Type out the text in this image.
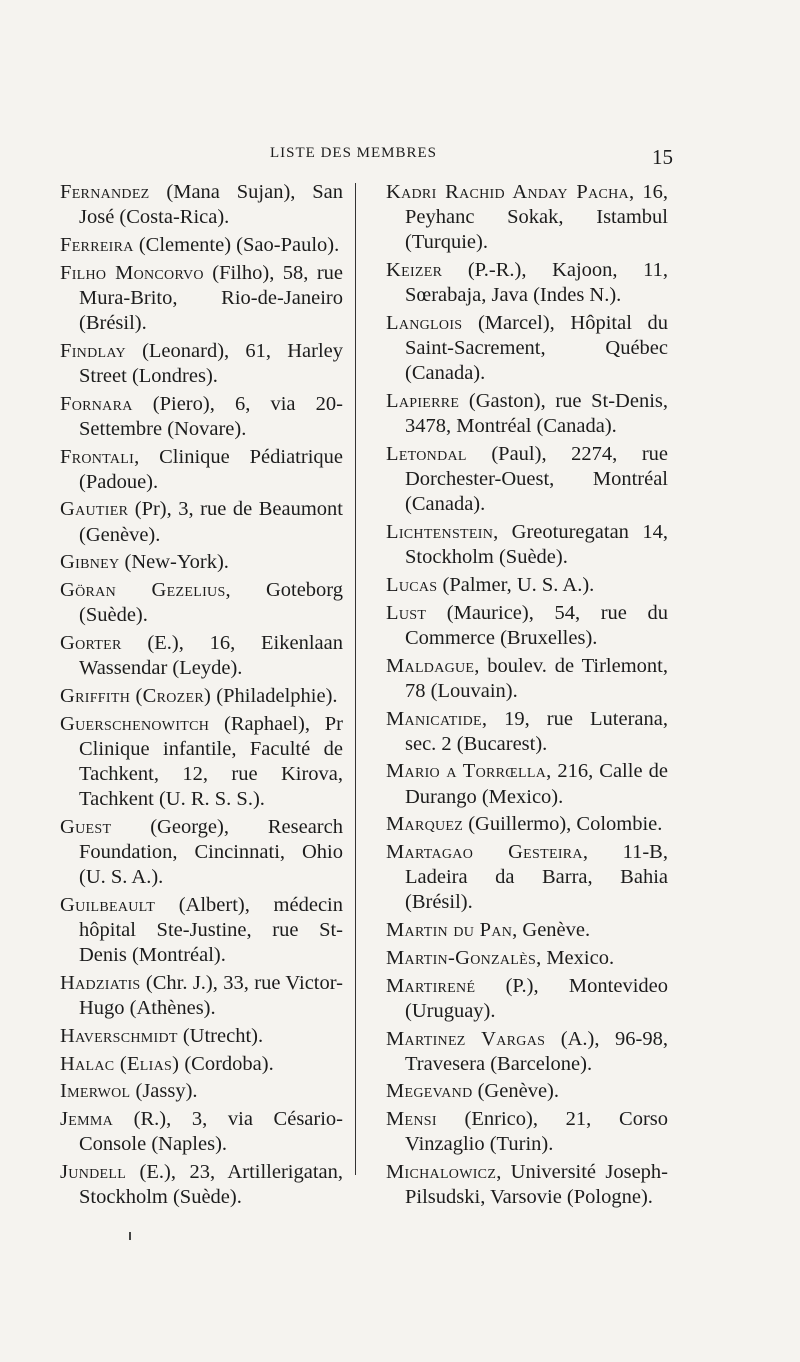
LISTE DES MEMBRES	15

Fernandez (Mana Sujan), San José (Costa-Rica).

Ferreira (Clemente) (Sao-Paulo).

Filho Moncorvo (Filho), 58, rue Mura-Brito, Rio-de-Janeiro (Brésil).

Findlay (Leonard), 61, Harley Street (Londres).

Fornara (Piero), 6, via 20-Settembre (Novare).

Frontali, Clinique Pédiatrique (Padoue).

Gautier (Pr), 3, rue de Beaumont (Genève).

Gibney (New-York).

Göran Gezelius, Goteborg (Suède).

Gorter (E.), 16, Eikenlaan Wassendar (Leyde).

Griffith (Crozer) (Philadelphie).

Guerschenowitch (Raphael), Pr Clinique infantile, Faculté de Tachkent, 12, rue Kirova, Tachkent (U. R. S. S.).

Guest (George), Research Foundation, Cincinnati, Ohio (U. S. A.).

Guilbeault (Albert), médecin hôpital Ste-Justine, rue St-Denis (Montréal).

Hadziatis (Chr. J.), 33, rue Victor-Hugo (Athènes).

Haverschmidt (Utrecht).

Halac (Elias) (Cordoba).

Imerwol (Jassy).

Jemma (R.), 3, via Césario-Console (Naples).

Jundell (E.), 23, Artillerigatan, Stockholm (Suède).

Kadri Rachid Anday Pacha, 16, Peyhanc Sokak, Istambul (Turquie).

Keizer (P.-R.), Kajoon, 11, Sœrabaja, Java (Indes N.).

Langlois (Marcel), Hôpital du Saint-Sacrement, Québec (Canada).

Lapierre (Gaston), rue St-Denis, 3478, Montréal (Canada).

Letondal (Paul), 2274, rue Dorchester-Ouest, Montréal (Canada).

Lichtenstein, Greoturegatan 14, Stockholm (Suède).

Lucas (Palmer, U. S. A.).

Lust (Maurice), 54, rue du Commerce (Bruxelles).

Maldague, boulev. de Tirlemont, 78 (Louvain).

Manicatide, 19, rue Luterana, sec. 2 (Bucarest).

Mario a Torrœlla, 216, Calle de Durango (Mexico).

Marquez (Guillermo), Colombie.

Martagao Gesteira, 11-B, Ladeira da Barra, Bahia (Brésil).

Martin du Pan, Genève.

Martin-Gonzalès, Mexico.

Martirené (P.), Montevideo (Uruguay).

Martinez Vargas (A.), 96-98, Travesera (Barcelone).

Megevand (Genève).

Mensi (Enrico), 21, Corso Vinzaglio (Turin).

Michalowicz, Université Joseph-Pilsudski, Varsovie (Pologne).
